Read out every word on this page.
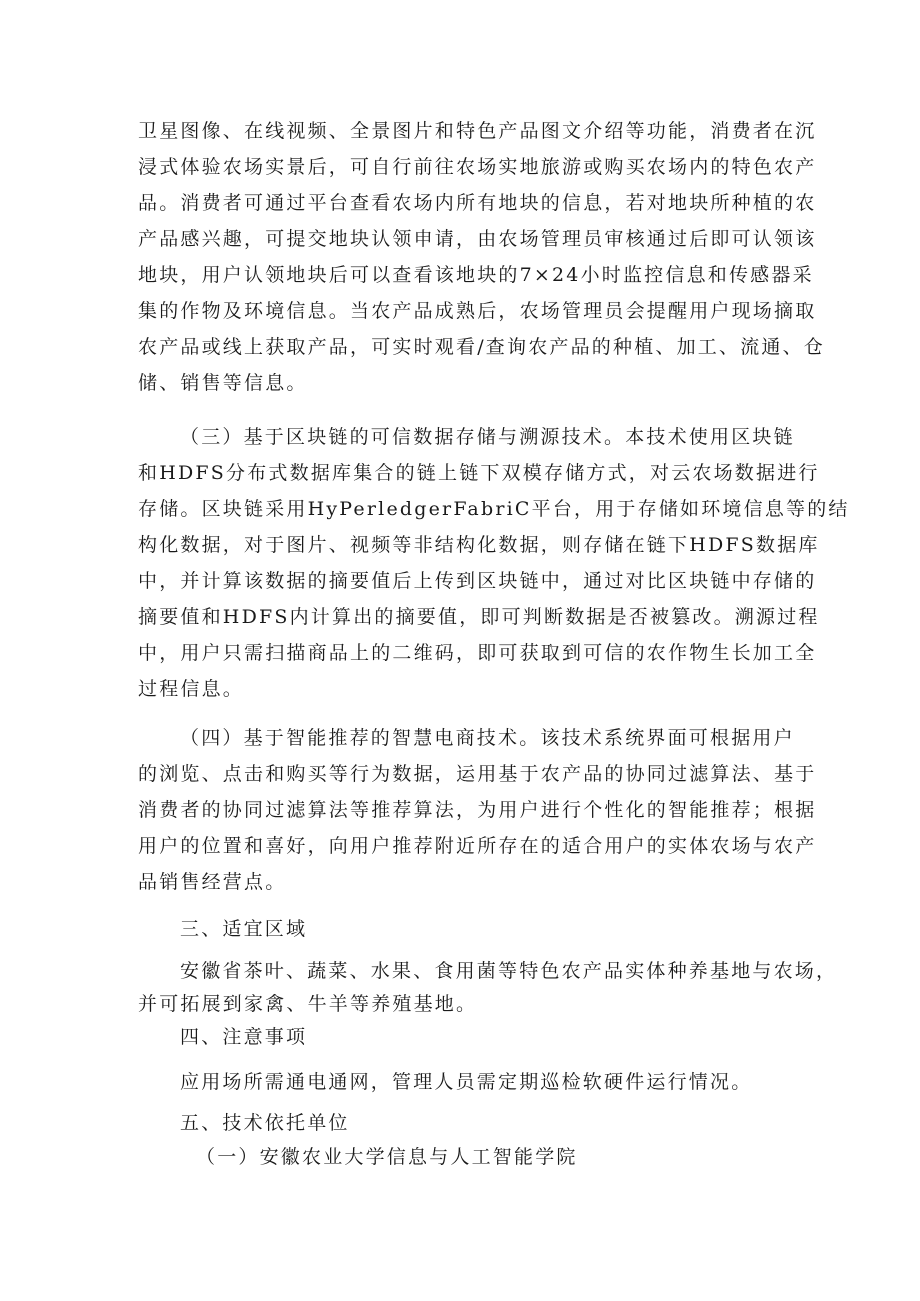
卫星图像、在线视频、全景图片和特色产品图文介绍等功能，消费者在沉
浸式体验农场实景后，可自行前往农场实地旅游或购买农场内的特色农产
品。消费者可通过平台查看农场内所有地块的信息，若对地块所种植的农
产品感兴趣，可提交地块认领申请，由农场管理员审核通过后即可认领该
地块，用户认领地块后可以查看该地块的7×24小时监控信息和传感器采
集的作物及环境信息。当农产品成熟后，农场管理员会提醒用户现场摘取
农产品或线上获取产品，可实时观看/查询农产品的种植、加工、流通、仓
储、销售等信息。
（三）基于区块链的可信数据存储与溯源技术。本技术使用区块链
和HDFS分布式数据库集合的链上链下双模存储方式，对云农场数据进行
存储。区块链采用HyPerledgerFabriC平台，用于存储如环境信息等的结
构化数据，对于图片、视频等非结构化数据，则存储在链下HDFS数据库
中，并计算该数据的摘要值后上传到区块链中，通过对比区块链中存储的
摘要值和HDFS内计算出的摘要值，即可判断数据是否被篡改。溯源过程
中，用户只需扫描商品上的二维码，即可获取到可信的农作物生长加工全
过程信息。
（四）基于智能推荐的智慧电商技术。该技术系统界面可根据用户
的浏览、点击和购买等行为数据，运用基于农产品的协同过滤算法、基于
消费者的协同过滤算法等推荐算法，为用户进行个性化的智能推荐；根据
用户的位置和喜好，向用户推荐附近所存在的适合用户的实体农场与农产
品销售经营点。
三、适宜区域
安徽省茶叶、蔬菜、水果、食用菌等特色农产品实体种养基地与农场，
并可拓展到家禽、牛羊等养殖基地。
四、注意事项
应用场所需通电通网，管理人员需定期巡检软硬件运行情况。
五、技术依托单位
（一）安徽农业大学信息与人工智能学院
